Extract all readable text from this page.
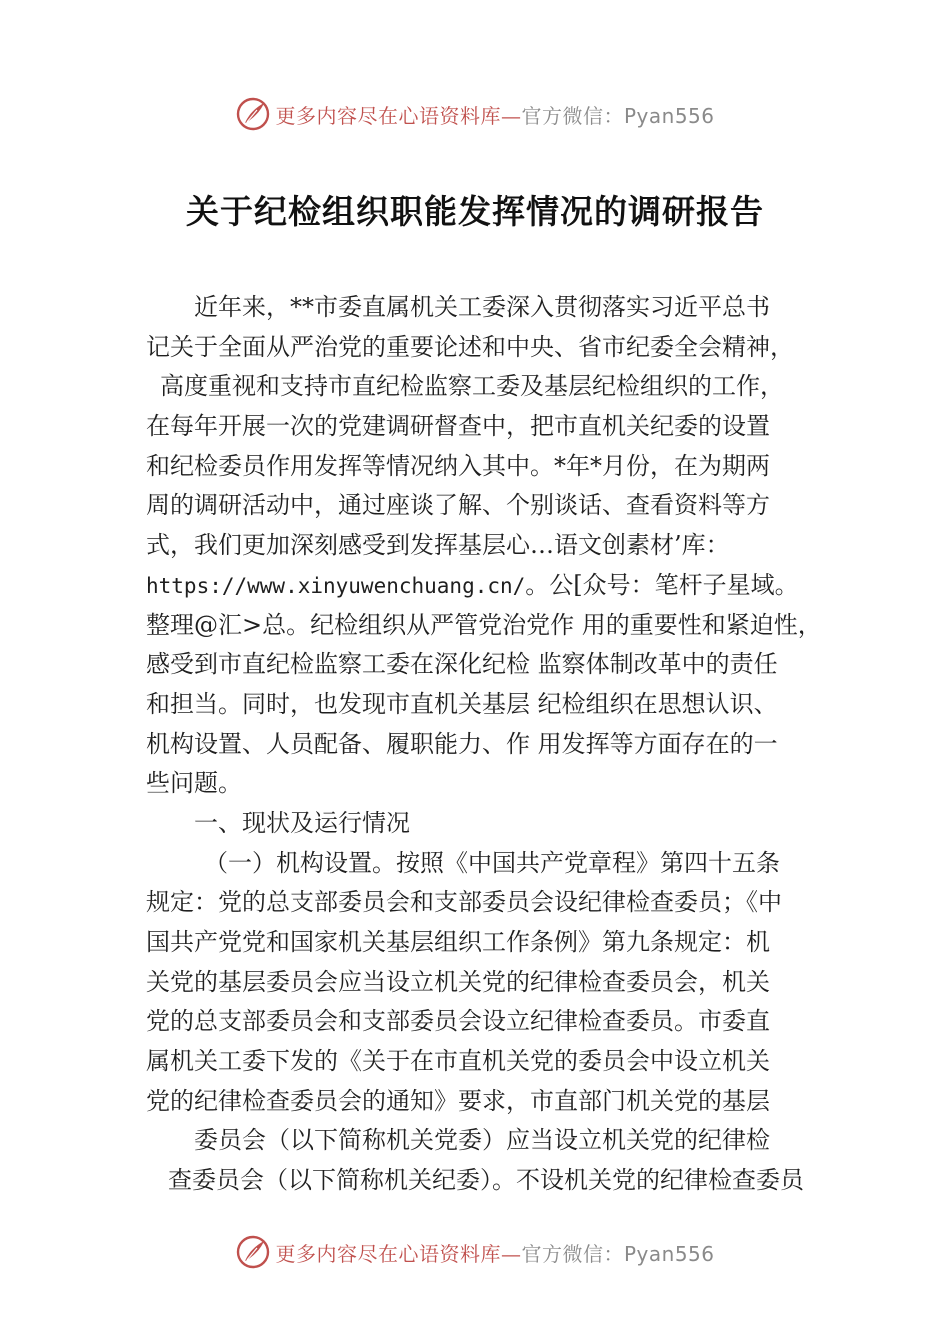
更多内容尽在心语资料库—官方微信：Pyan556
关于纪检组织职能发挥情况的调研报告
近年来，**市委直属机关工委深入贯彻落实习近平总书
记关于全面从严治党的重要论述和中央、省市纪委全会精神，
高度重视和支持市直纪检监察工委及基层纪检组织的工作，
在每年开展一次的党建调研督查中，把市直机关纪委的设置
和纪检委员作用发挥等情况纳入其中。*年*月份，在为期两
周的调研活动中，通过座谈了解、个别谈话、查看资料等方
式，我们更加深刻感受到发挥基层心…语文创素材’库：
https://www.xinyuwenchuang.cn/。公[众号：笔杆子星域。
整理@汇>总。纪检组织从严管党治党作 用的重要性和紧迫性，
感受到市直纪检监察工委在深化纪检 监察体制改革中的责任
和担当。同时，也发现市直机关基层 纪检组织在思想认识、
机构设置、人员配备、履职能力、作 用发挥等方面存在的一
些问题。
一、现状及运行情况
（一）机构设置。按照《中国共产党章程》第四十五条
规定：党的总支部委员会和支部委员会设纪律检查委员；《中
国共产党党和国家机关基层组织工作条例》第九条规定：机
关党的基层委员会应当设立机关党的纪律检查委员会，机关
党的总支部委员会和支部委员会设立纪律检查委员。市委直
属机关工委下发的《关于在市直机关党的委员会中设立机关
党的纪律检查委员会的通知》要求，市直部门机关党的基层
委员会（以下简称机关党委）应当设立机关党的纪律检
查委员会（以下简称机关纪委）。不设机关党的纪律检查委员
更多内容尽在心语资料库—官方微信：Pyan556
